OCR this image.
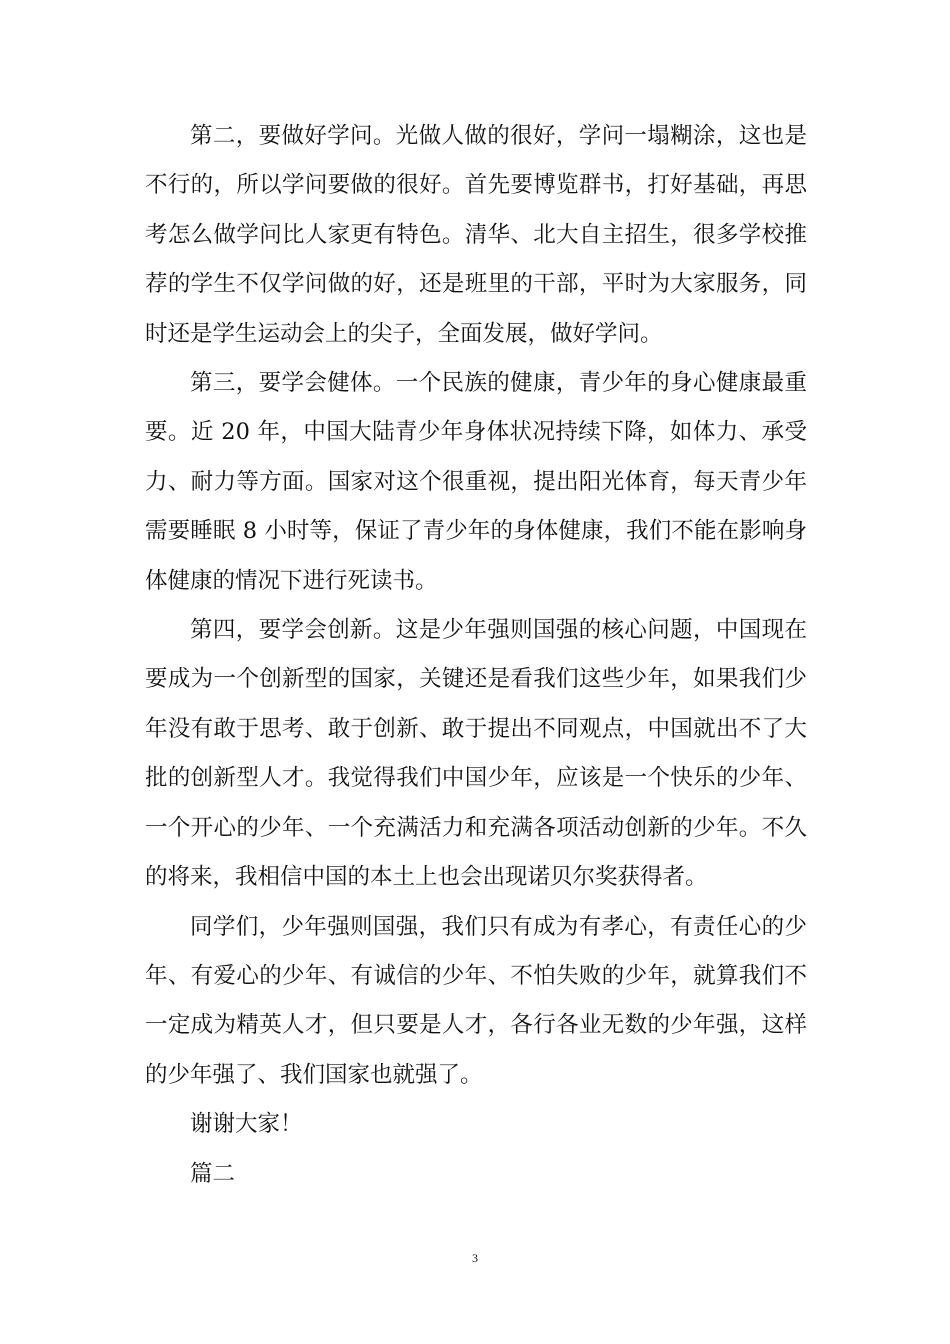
第二，要做好学问。光做人做的很好，学问一塌糊涂，这也是不行的，所以学问要做的很好。首先要博览群书，打好基础，再思考怎么做学问比人家更有特色。清华、北大自主招生，很多学校推荐的学生不仅学问做的好，还是班里的干部，平时为大家服务，同时还是学生运动会上的尖子，全面发展，做好学问。

第三，要学会健体。一个民族的健康，青少年的身心健康最重要。近 20 年，中国大陆青少年身体状况持续下降，如体力、承受力、耐力等方面。国家对这个很重视，提出阳光体育，每天青少年需要睡眠 8 小时等，保证了青少年的身体健康，我们不能在影响身体健康的情况下进行死读书。

第四，要学会创新。这是少年强则国强的核心问题，中国现在要成为一个创新型的国家，关键还是看我们这些少年，如果我们少年没有敢于思考、敢于创新、敢于提出不同观点，中国就出不了大批的创新型人才。我觉得我们中国少年，应该是一个快乐的少年、一个开心的少年、一个充满活力和充满各项活动创新的少年。不久的将来，我相信中国的本土上也会出现诺贝尔奖获得者。

同学们，少年强则国强，我们只有成为有孝心，有责任心的少年、有爱心的少年、有诚信的少年、不怕失败的少年，就算我们不一定成为精英人才，但只要是人才，各行各业无数的少年强，这样的少年强了、我们国家也就强了。

谢谢大家！

篇二

3
